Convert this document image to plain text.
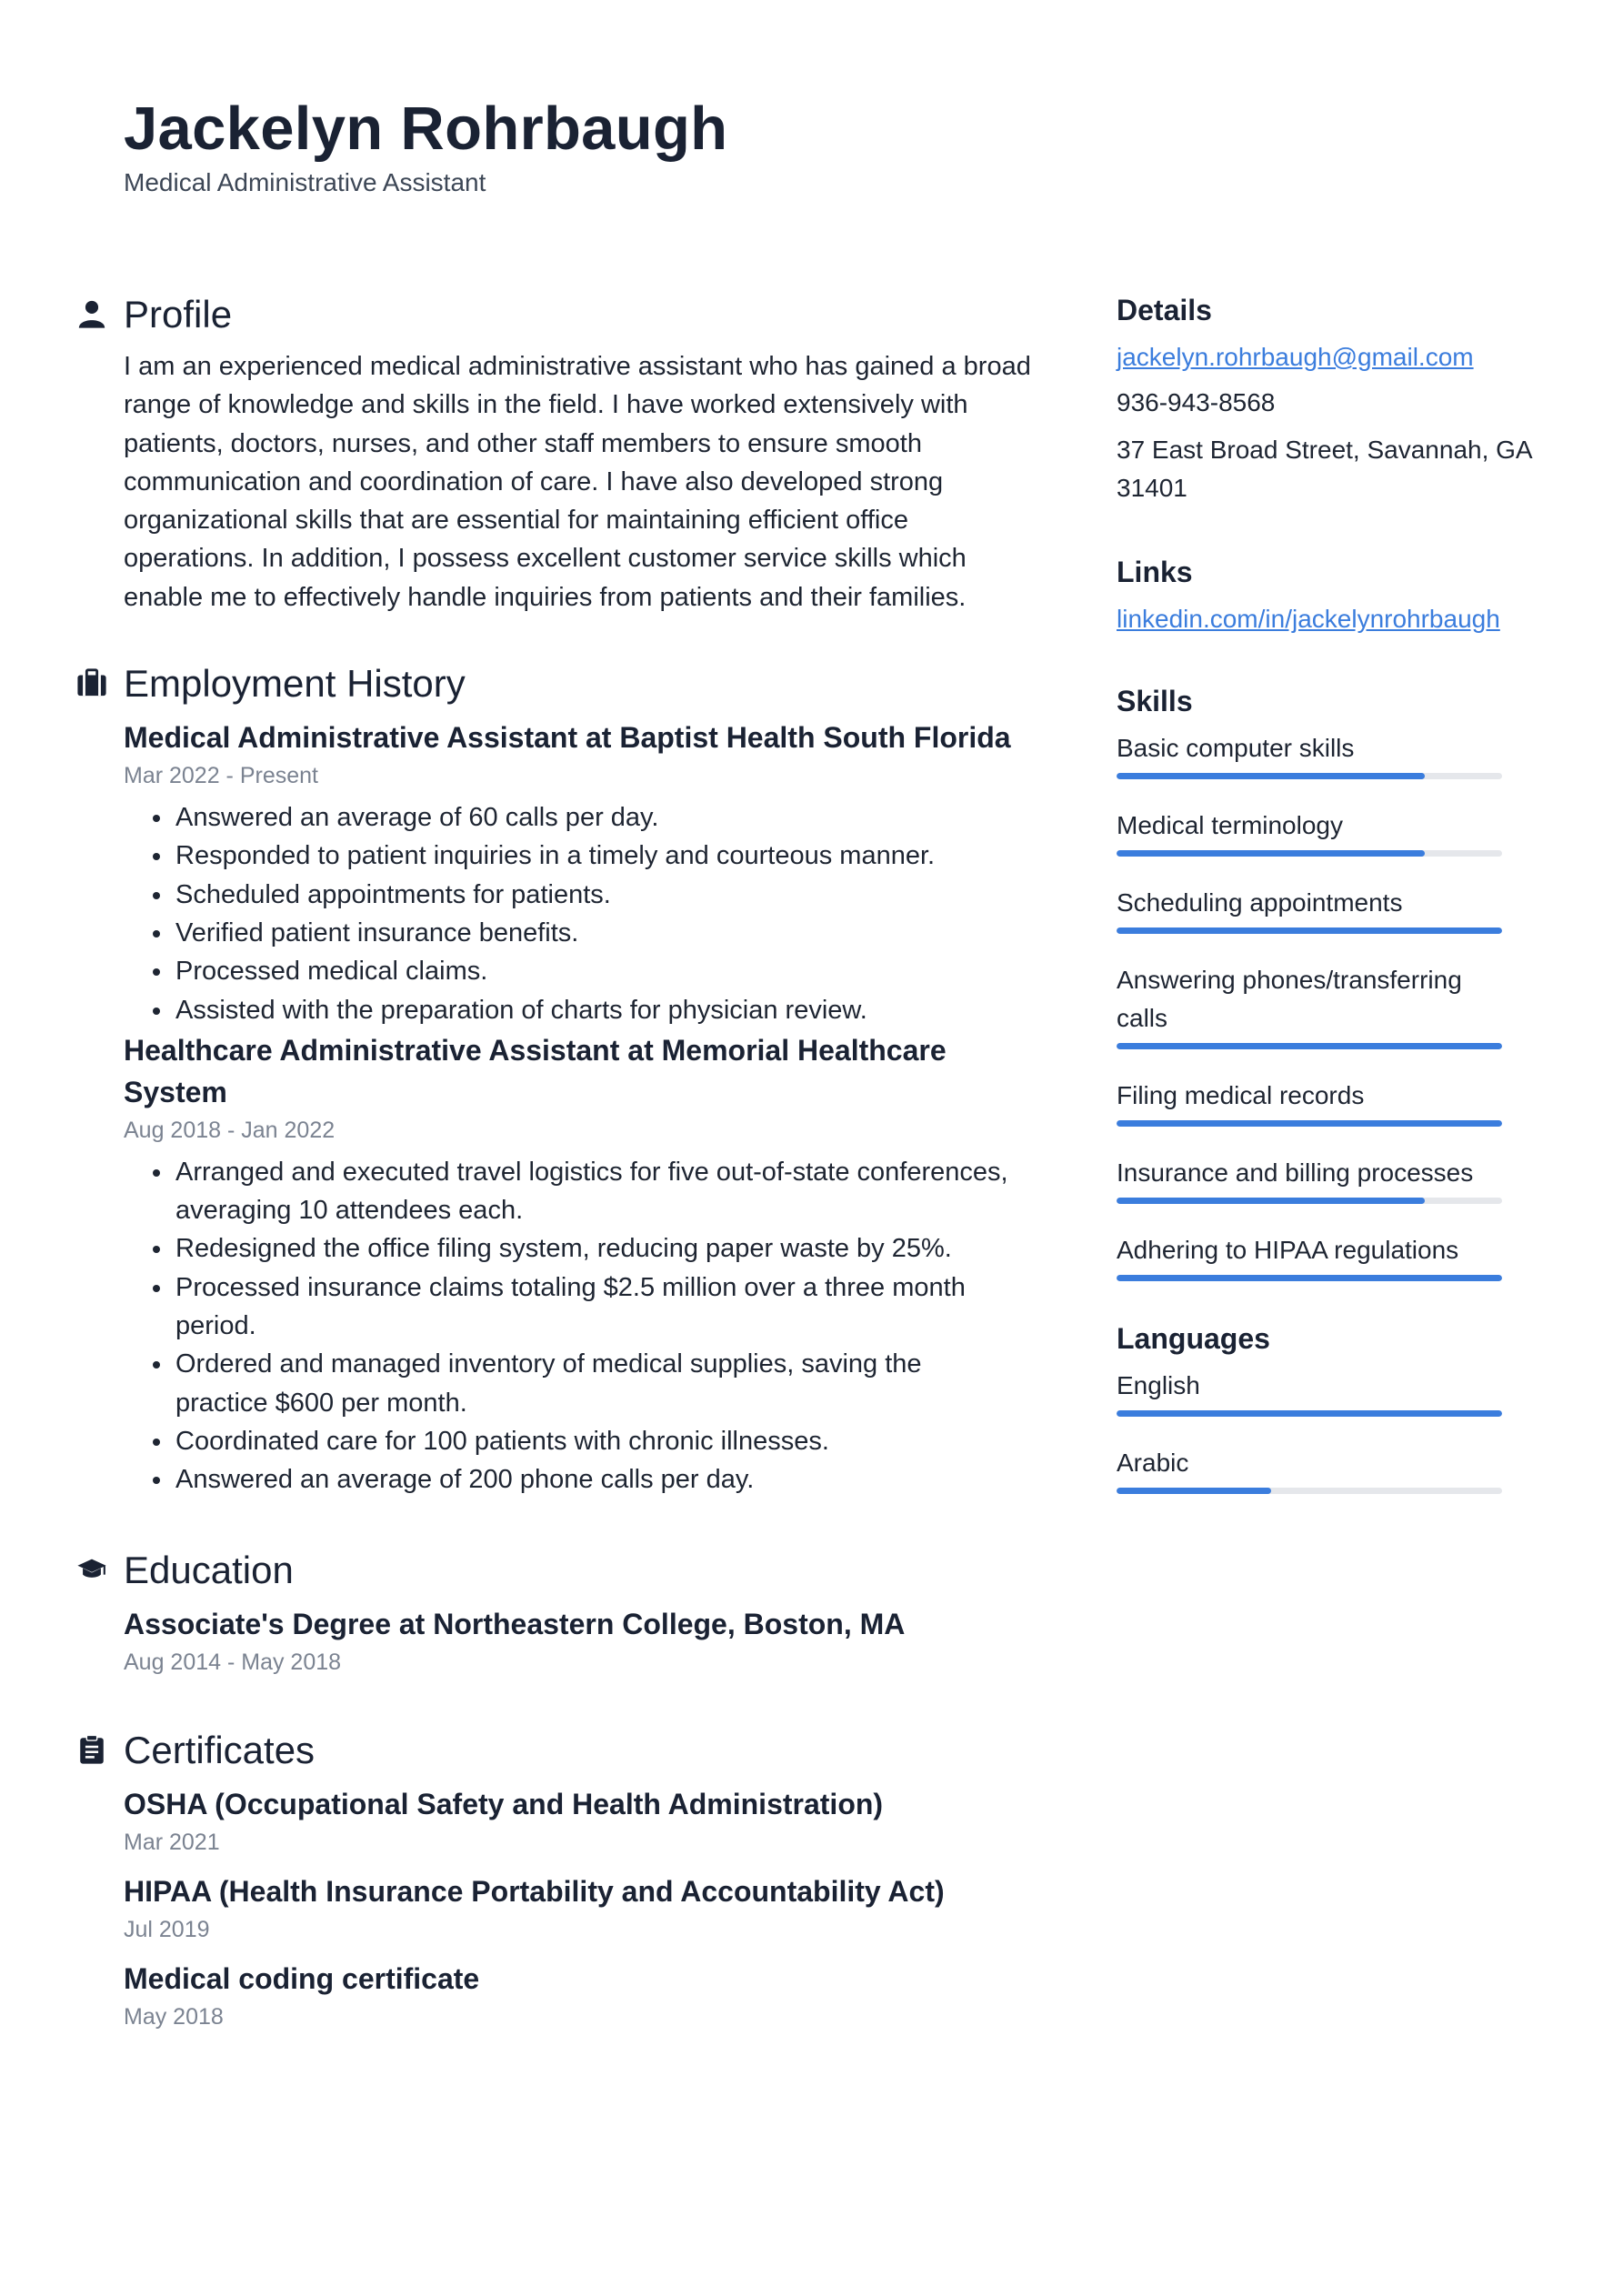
Jackelyn Rohrbaugh
Medical Administrative Assistant
Profile

I am an experienced medical administrative assistant who has gained a broad range of knowledge and skills in the field. I have worked extensively with patients, doctors, nurses, and other staff members to ensure smooth communication and coordination of care. I have also developed strong organizational skills that are essential for maintaining efficient office operations. In addition, I possess excellent customer service skills which enable me to effectively handle inquiries from patients and their families.

Employment History

Medical Administrative Assistant at Baptist Health South Florida

Mar 2022 - Present
Answered an average of 60 calls per day.
Responded to patient inquiries in a timely and courteous manner.
Scheduled appointments for patients.
Verified patient insurance benefits.
Processed medical claims.
Assisted with the preparation of charts for physician review.

Healthcare Administrative Assistant at Memorial Healthcare System

Aug 2018 - Jan 2022
Arranged and executed travel logistics for five out-of-state conferences, averaging 10 attendees each.
Redesigned the office filing system, reducing paper waste by 25%.
Processed insurance claims totaling $2.5 million over a three month period.
Ordered and managed inventory of medical supplies, saving the practice $600 per month.
Coordinated care for 100 patients with chronic illnesses.
Answered an average of 200 phone calls per day.
Education

Associate's Degree at Northeastern College, Boston, MA

Aug 2014 - May 2018
Certificates

OSHA (Occupational Safety and Health Administration)

Mar 2021

HIPAA (Health Insurance Portability and Accountability Act)

Jul 2019

Medical coding certificate

May 2018

Details

jackelyn.rohrbaugh@gmail.com
936-943-8568
37 East Broad Street, Savannah, GA 31401

Links

linkedin.com/in/jackelynrohrbaugh

Skills

Basic computer skills
Medical terminology
Scheduling appointments
Answering phones/transferring calls
Filing medical records
Insurance and billing processes
Adhering to HIPAA regulations

Languages

English
Arabic
